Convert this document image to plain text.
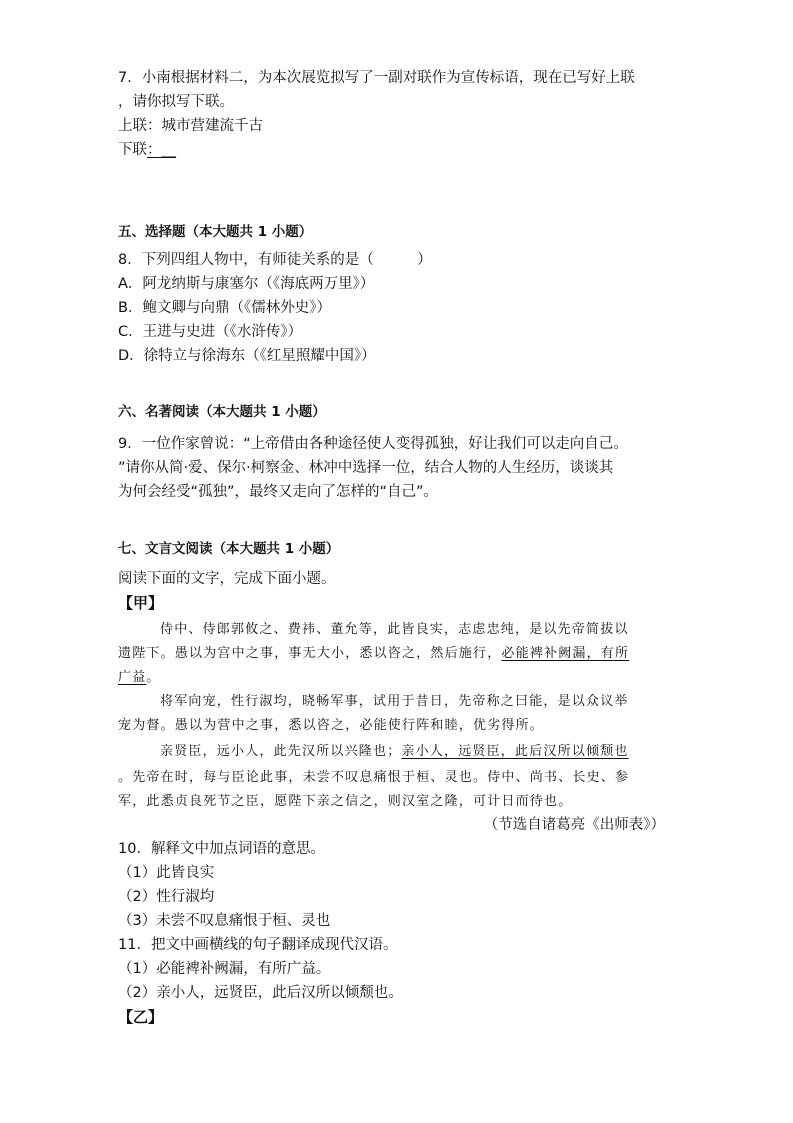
7．小南根据材料二，为本次展览拟写了一副对联作为宣传标语，现在已写好上联
，请你拟写下联。
上联：城市营建流千古
下联：__
五、选择题（本大题共 1 小题）
8．下列四组人物中，有师徒关系的是（　　　）
A．阿龙纳斯与康塞尔（《海底两万里》）
B．鲍文卿与向鼎（《儒林外史》）
C．王进与史进（《水浒传》）
D．徐特立与徐海东（《红星照耀中国》）
六、名著阅读（本大题共 1 小题）
9．一位作家曾说：“上帝借由各种途径使人变得孤独，好让我们可以走向自己。
”请你从简·爱、保尔·柯察金、林冲中选择一位，结合人物的人生经历，谈谈其
为何会经受“孤独”，最终又走向了怎样的“自己”。
七、文言文阅读（本大题共 1 小题）
阅读下面的文字，完成下面小题。
【甲】
侍中、侍郎郭攸之、费祎、董允等，此皆良实，志虑忠纯，是以先帝简拔以
遗陛下。愚以为宫中之事，事无大小，悉以咨之，然后施行，必能裨补阙漏，有所
广益。
将军向宠，性行淑均，晓畅军事，试用于昔日，先帝称之曰能，是以众议举
宠为督。愚以为营中之事，悉以咨之，必能使行阵和睦，优劣得所。
亲贤臣，远小人，此先汉所以兴隆也；亲小人，远贤臣，此后汉所以倾颓也
。先帝在时，每与臣论此事，未尝不叹息痛恨于桓、灵也。侍中、尚书、长史、参
军，此悉贞良死节之臣，愿陛下亲之信之，则汉室之隆，可计日而待也。
（节选自诸葛亮《出师表》）
10．解释文中加点词语的意思。
（1）此皆良实
（2）性行淑均
（3）未尝不叹息痛恨于桓、灵也
11．把文中画横线的句子翻译成现代汉语。
（1）必能裨补阙漏，有所广益。
（2）亲小人，远贤臣，此后汉所以倾颓也。
【乙】
